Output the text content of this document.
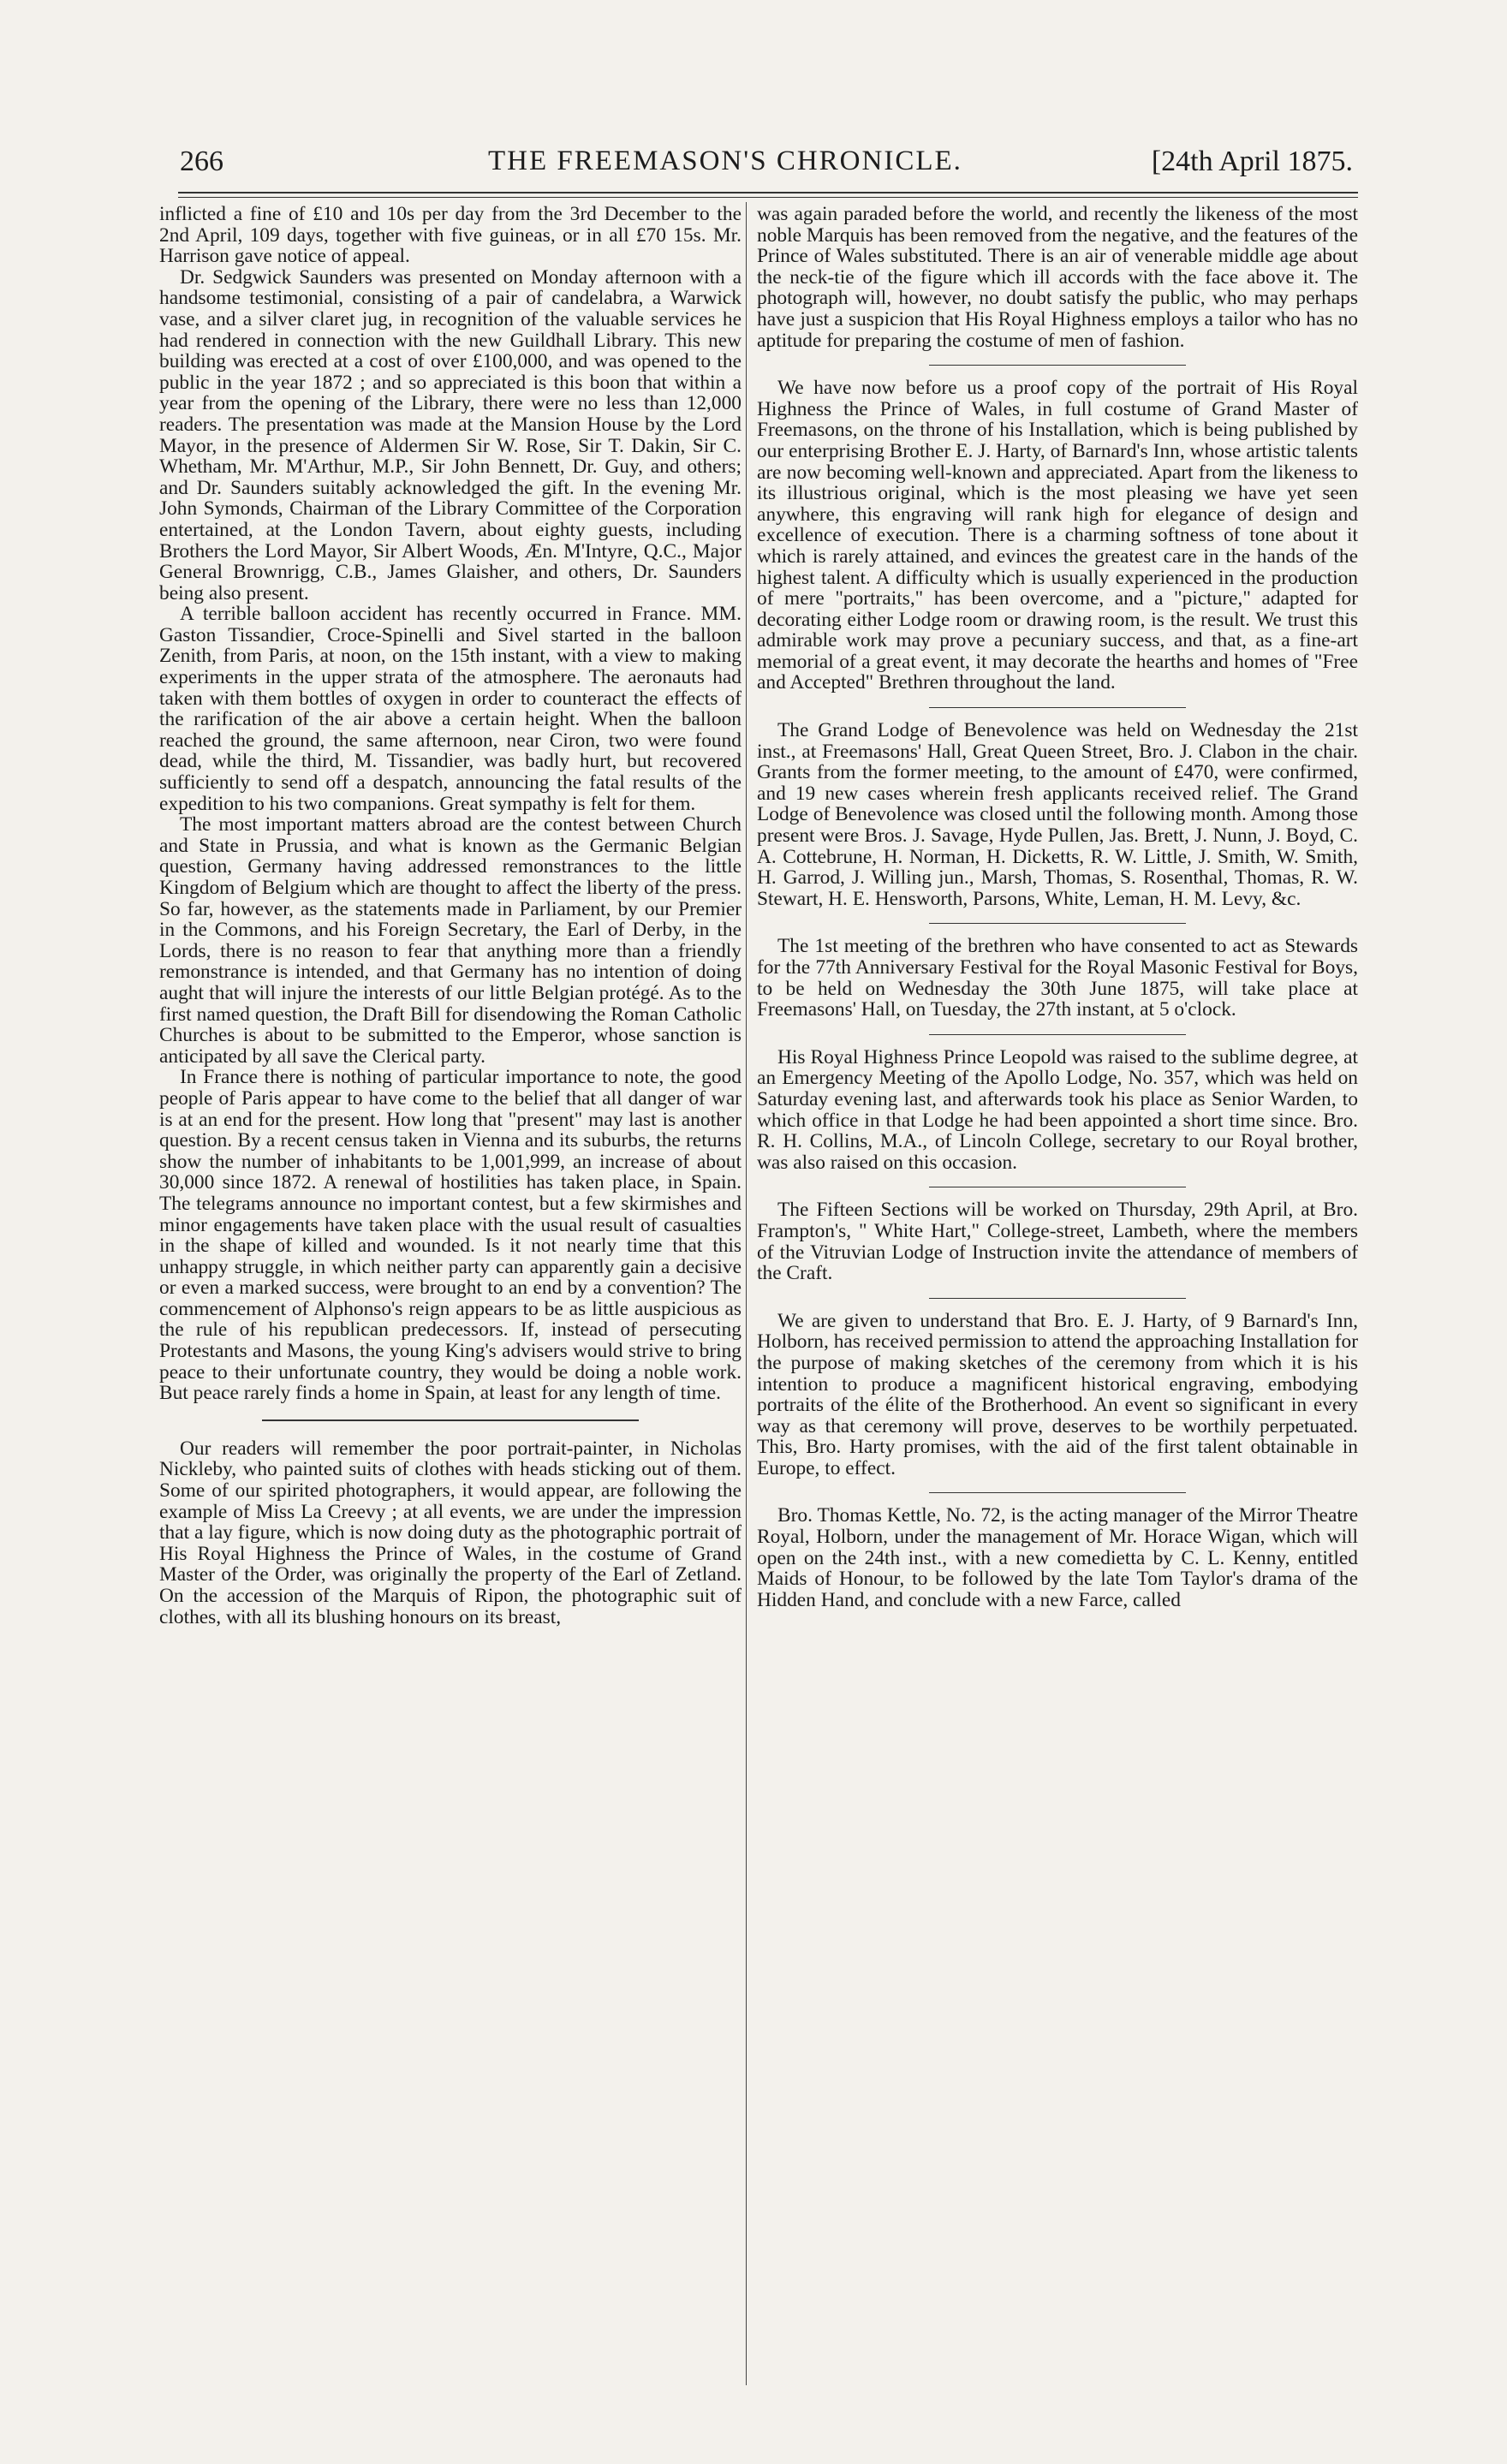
266	THE FREEMASON'S CHRONICLE.	[24th April 1875.

inflicted a fine of £10 and 10s per day from the 3rd December to the 2nd April, 109 days, together with five guineas, or in all £70 15s. Mr. Harrison gave notice of appeal.

Dr. Sedgwick Saunders was presented on Monday afternoon with a handsome testimonial, consisting of a pair of candelabra, a Warwick vase, and a silver claret jug, in recognition of the valuable services he had rendered in connection with the new Guildhall Library. This new building was erected at a cost of over £100,000, and was opened to the public in the year 1872 ; and so appreciated is this boon that within a year from the opening of the Library, there were no less than 12,000 readers. The presentation was made at the Mansion House by the Lord Mayor, in the presence of Aldermen Sir W. Rose, Sir T. Dakin, Sir C. Whetham, Mr. M'Arthur, M.P., Sir John Bennett, Dr. Guy, and others; and Dr. Saunders suitably acknowledged the gift. In the evening Mr. John Symonds, Chairman of the Library Committee of the Corporation entertained, at the London Tavern, about eighty guests, including Brothers the Lord Mayor, Sir Albert Woods, Æn. M'Intyre, Q.C., Major General Brownrigg, C.B., James Glaisher, and others, Dr. Saunders being also present.

A terrible balloon accident has recently occurred in France. MM. Gaston Tissandier, Croce-Spinelli and Sivel started in the balloon Zenith, from Paris, at noon, on the 15th instant, with a view to making experiments in the upper strata of the atmosphere. The aeronauts had taken with them bottles of oxygen in order to counteract the effects of the rarification of the air above a certain height. When the balloon reached the ground, the same afternoon, near Ciron, two were found dead, while the third, M. Tissandier, was badly hurt, but recovered sufficiently to send off a despatch, announcing the fatal results of the expedition to his two companions. Great sympathy is felt for them.

The most important matters abroad are the contest between Church and State in Prussia, and what is known as the Germanic Belgian question, Germany having addressed remonstrances to the little Kingdom of Belgium which are thought to affect the liberty of the press. So far, however, as the statements made in Parliament, by our Premier in the Commons, and his Foreign Secretary, the Earl of Derby, in the Lords, there is no reason to fear that anything more than a friendly remonstrance is intended, and that Germany has no intention of doing aught that will injure the interests of our little Belgian protégé. As to the first named question, the Draft Bill for disendowing the Roman Catholic Churches is about to be submitted to the Emperor, whose sanction is anticipated by all save the Clerical party.

In France there is nothing of particular importance to note, the good people of Paris appear to have come to the belief that all danger of war is at an end for the present. How long that "present" may last is another question. By a recent census taken in Vienna and its suburbs, the returns show the number of inhabitants to be 1,001,999, an increase of about 30,000 since 1872. A renewal of hostilities has taken place, in Spain. The telegrams announce no important contest, but a few skirmishes and minor engagements have taken place with the usual result of casualties in the shape of killed and wounded. Is it not nearly time that this unhappy struggle, in which neither party can apparently gain a decisive or even a marked success, were brought to an end by a convention? The commencement of Alphonso's reign appears to be as little auspicious as the rule of his republican predecessors. If, instead of persecuting Protestants and Masons, the young King's advisers would strive to bring peace to their unfortunate country, they would be doing a noble work. But peace rarely finds a home in Spain, at least for any length of time.

Our readers will remember the poor portrait-painter, in Nicholas Nickleby, who painted suits of clothes with heads sticking out of them. Some of our spirited photographers, it would appear, are following the example of Miss La Creevy ; at all events, we are under the impression that a lay figure, which is now doing duty as the photographic portrait of His Royal Highness the Prince of Wales, in the costume of Grand Master of the Order, was originally the property of the Earl of Zetland. On the accession of the Marquis of Ripon, the photographic suit of clothes, with all its blushing honours on its breast,

was again paraded before the world, and recently the likeness of the most noble Marquis has been removed from the negative, and the features of the Prince of Wales substituted. There is an air of venerable middle age about the neck-tie of the figure which ill accords with the face above it. The photograph will, however, no doubt satisfy the public, who may perhaps have just a suspicion that His Royal Highness employs a tailor who has no aptitude for preparing the costume of men of fashion.

We have now before us a proof copy of the portrait of His Royal Highness the Prince of Wales, in full costume of Grand Master of Freemasons, on the throne of his Installation, which is being published by our enterprising Brother E. J. Harty, of Barnard's Inn, whose artistic talents are now becoming well-known and appreciated. Apart from the likeness to its illustrious original, which is the most pleasing we have yet seen anywhere, this engraving will rank high for elegance of design and excellence of execution. There is a charming softness of tone about it which is rarely attained, and evinces the greatest care in the hands of the highest talent. A difficulty which is usually experienced in the production of mere "portraits," has been overcome, and a "picture," adapted for decorating either Lodge room or drawing room, is the result. We trust this admirable work may prove a pecuniary success, and that, as a fine-art memorial of a great event, it may decorate the hearths and homes of "Free and Accepted" Brethren throughout the land.

The Grand Lodge of Benevolence was held on Wednesday the 21st inst., at Freemasons' Hall, Great Queen Street, Bro. J. Clabon in the chair. Grants from the former meeting, to the amount of £470, were confirmed, and 19 new cases wherein fresh applicants received relief. The Grand Lodge of Benevolence was closed until the following month. Among those present were Bros. J. Savage, Hyde Pullen, Jas. Brett, J. Nunn, J. Boyd, C. A. Cottebrune, H. Norman, H. Dicketts, R. W. Little, J. Smith, W. Smith, H. Garrod, J. Willing jun., Marsh, Thomas, S. Rosenthal, Thomas, R. W. Stewart, H. E. Hensworth, Parsons, White, Leman, H. M. Levy, &c.

The 1st meeting of the brethren who have consented to act as Stewards for the 77th Anniversary Festival for the Royal Masonic Festival for Boys, to be held on Wednesday the 30th June 1875, will take place at Freemasons' Hall, on Tuesday, the 27th instant, at 5 o'clock.

His Royal Highness Prince Leopold was raised to the sublime degree, at an Emergency Meeting of the Apollo Lodge, No. 357, which was held on Saturday evening last, and afterwards took his place as Senior Warden, to which office in that Lodge he had been appointed a short time since. Bro. R. H. Collins, M.A., of Lincoln College, secretary to our Royal brother, was also raised on this occasion.

The Fifteen Sections will be worked on Thursday, 29th April, at Bro. Frampton's, " White Hart," College-street, Lambeth, where the members of the Vitruvian Lodge of Instruction invite the attendance of members of the Craft.

We are given to understand that Bro. E. J. Harty, of 9 Barnard's Inn, Holborn, has received permission to attend the approaching Installation for the purpose of making sketches of the ceremony from which it is his intention to produce a magnificent historical engraving, embodying portraits of the élite of the Brotherhood. An event so significant in every way as that ceremony will prove, deserves to be worthily perpetuated. This, Bro. Harty promises, with the aid of the first talent obtainable in Europe, to effect.

Bro. Thomas Kettle, No. 72, is the acting manager of the Mirror Theatre Royal, Holborn, under the management of Mr. Horace Wigan, which will open on the 24th inst., with a new comedietta by C. L. Kenny, entitled Maids of Honour, to be followed by the late Tom Taylor's drama of the Hidden Hand, and conclude with a new Farce, called
